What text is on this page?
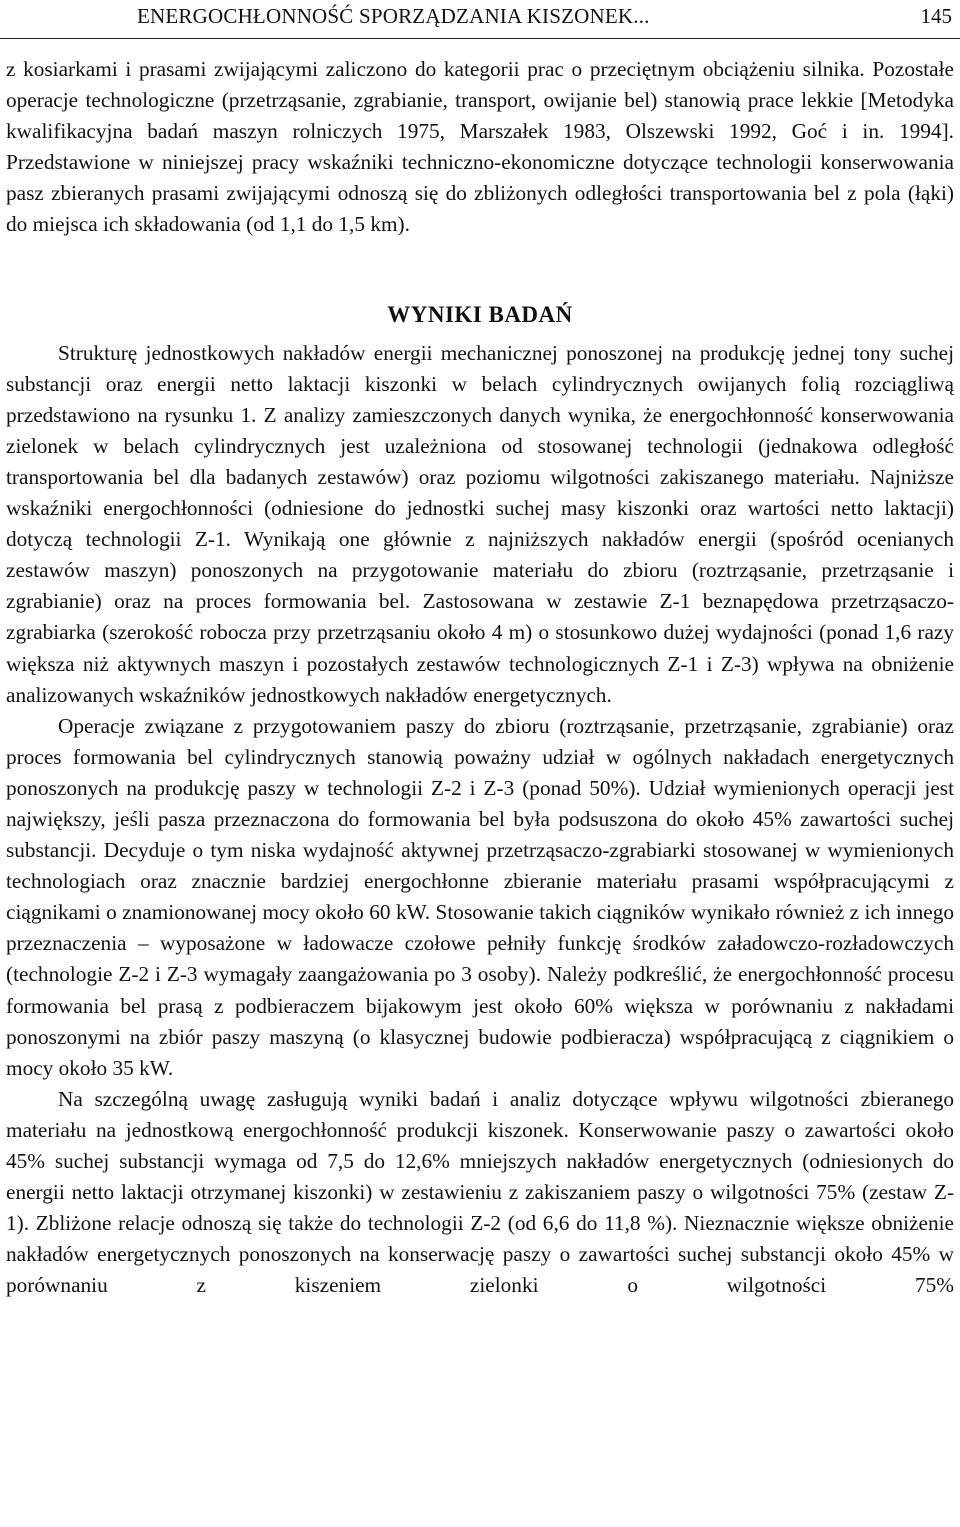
ENERGOCHŁONNOŚĆ SPORZĄDZANIA KISZONEK...	145

z kosiarkami i prasami zwijającymi zaliczono do kategorii prac o przeciętnym obciążeniu silnika. Pozostałe operacje technologiczne (przetrząsanie, zgrabianie, transport, owijanie bel) stanowią prace lekkie [Metodyka kwalifikacyjna badań maszyn rolniczych 1975, Marszałek 1983, Olszewski 1992, Goć i in. 1994]. Przedstawione w niniejszej pracy wskaźniki techniczno-ekonomiczne dotyczące technologii konserwowania pasz zbieranych prasami zwijającymi odnoszą się do zbliżonych odległości transportowania bel z pola (łąki) do miejsca ich składowania (od 1,1 do 1,5 km).

WYNIKI BADAŃ

Strukturę jednostkowych nakładów energii mechanicznej ponoszonej na produkcję jednej tony suchej substancji oraz energii netto laktacji kiszonki w belach cylindrycznych owijanych folią rozciągliwą przedstawiono na rysunku 1. Z analizy zamieszczonych danych wynika, że energochłonność konserwowania zielonek w belach cylindrycznych jest uzależniona od stosowanej technologii (jednakowa odległość transportowania bel dla badanych zestawów) oraz poziomu wilgotności zakiszanego materiału. Najniższe wskaźniki energochłonności (odniesione do jednostki suchej masy kiszonki oraz wartości netto laktacji) dotyczą technologii Z-1. Wynikają one głównie z najniższych nakładów energii (spośród ocenianych zestawów maszyn) ponoszonych na przygotowanie materiału do zbioru (roztrząsanie, przetrząsanie i zgrabianie) oraz na proces formowania bel. Zastosowana w zestawie Z-1 beznapędowa przetrząsaczo-zgrabiarka (szerokość robocza przy przetrząsaniu około 4 m) o stosunkowo dużej wydajności (ponad 1,6 razy większa niż aktywnych maszyn i pozostałych zestawów technologicznych Z-1 i Z-3) wpływa na obniżenie analizowanych wskaźników jednostkowych nakładów energetycznych.

Operacje związane z przygotowaniem paszy do zbioru (roztrząsanie, przetrząsanie, zgrabianie) oraz proces formowania bel cylindrycznych stanowią poważny udział w ogólnych nakładach energetycznych ponoszonych na produkcję paszy w technologii Z-2 i Z-3 (ponad 50%). Udział wymienionych operacji jest największy, jeśli pasza przeznaczona do formowania bel była podsuszona do około 45% zawartości suchej substancji. Decyduje o tym niska wydajność aktywnej przetrząsaczo-zgrabiarki stosowanej w wymienionych technologiach oraz znacznie bardziej energochłonne zbieranie materiału prasami współpracującymi z ciągnikami o znamionowanej mocy około 60 kW. Stosowanie takich ciągników wynikało również z ich innego przeznaczenia – wyposażone w ładowacze czołowe pełniły funkcję środków załadowczo-rozładowczych (technologie Z-2 i Z-3 wymagały zaangażowania po 3 osoby). Należy podkreślić, że energochłonność procesu formowania bel prasą z podbieraczem bijakowym jest około 60% większa w porównaniu z nakładami ponoszonymi na zbiór paszy maszyną (o klasycznej budowie podbieracza) współpracującą z ciągnikiem o mocy około 35 kW.

Na szczególną uwagę zasługują wyniki badań i analiz dotyczące wpływu wilgotności zbieranego materiału na jednostkową energochłonność produkcji kiszonek. Konserwowanie paszy o zawartości około 45% suchej substancji wymaga od 7,5 do 12,6% mniejszych nakładów energetycznych (odniesionych do energii netto laktacji otrzymanej kiszonki) w zestawieniu z zakiszaniem paszy o wilgotności 75% (zestaw Z-1). Zbliżone relacje odnoszą się także do technologii Z-2 (od 6,6 do 11,8 %). Nieznacznie większe obniżenie nakładów energetycznych ponoszonych na konserwację paszy o zawartości suchej substancji około 45% w porównaniu z kiszeniem zielonki o wilgotności 75%
